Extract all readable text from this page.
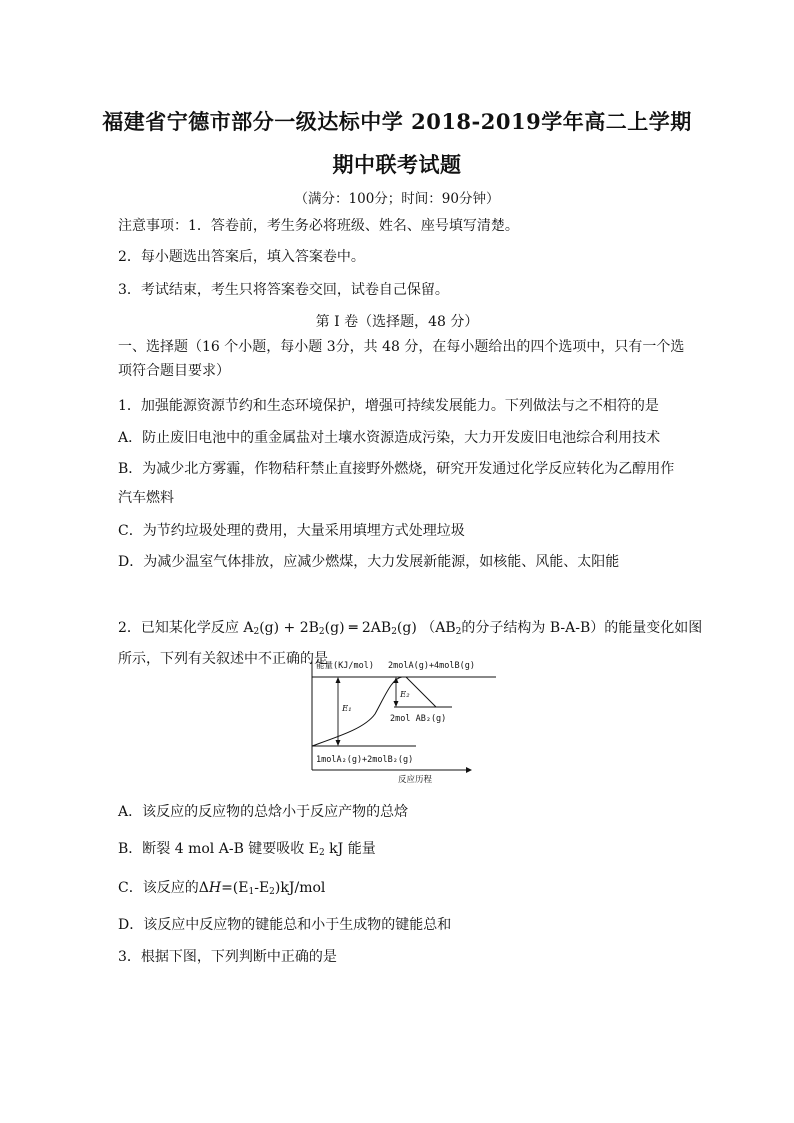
福建省宁德市部分一级达标中学 2018-2019学年高二上学期
期中联考试题
（满分：100分；时间：90分钟）
注意事项：1．答卷前，考生务必将班级、姓名、座号填写清楚。
2．每小题选出答案后，填入答案卷中。
3．考试结束，考生只将答案卷交回，试卷自己保留。
第 I 卷（选择题，48 分）
一、选择题（16 个小题，每小题 3分，共 48 分，在每小题给出的四个选项中，只有一个选
项符合题目要求）
1．加强能源资源节约和生态环境保护，增强可持续发展能力。下列做法与之不相符的是
A．防止废旧电池中的重金属盐对土壤水资源造成污染，大力开发废旧电池综合利用技术
B．为减少北方雾霾，作物秸秆禁止直接野外燃烧，研究开发通过化学反应转化为乙醇用作
汽车燃料
C．为节约垃圾处理的费用，大量采用填埋方式处理垃圾
D．为减少温室气体排放，应减少燃煤，大力发展新能源，如核能、风能、太阳能
2．已知某化学反应 $A_2(g) + 2B_2(g)$ ═ $2AB_2(g)$ （$AB_2$的分子结构为 B-A-B）的能量变化如图
所示，下列有关叙述中不正确的是
能量(KJ/mol) 2molA(g)+4molB(g)
E₁
E₂
2mol AB₂(g)
1molA₂(g)+2molB₂(g)
反应历程
A．该反应的反应物的总焓小于反应产物的总焓
B．断裂 4 mol A-B 键要吸收 $E_2$ kJ 能量
C．该反应的$\Delta H=(E_1-E_2)kJ$/mol
D．该反应中反应物的键能总和小于生成物的键能总和
3．根据下图，下列判断中正确的是
